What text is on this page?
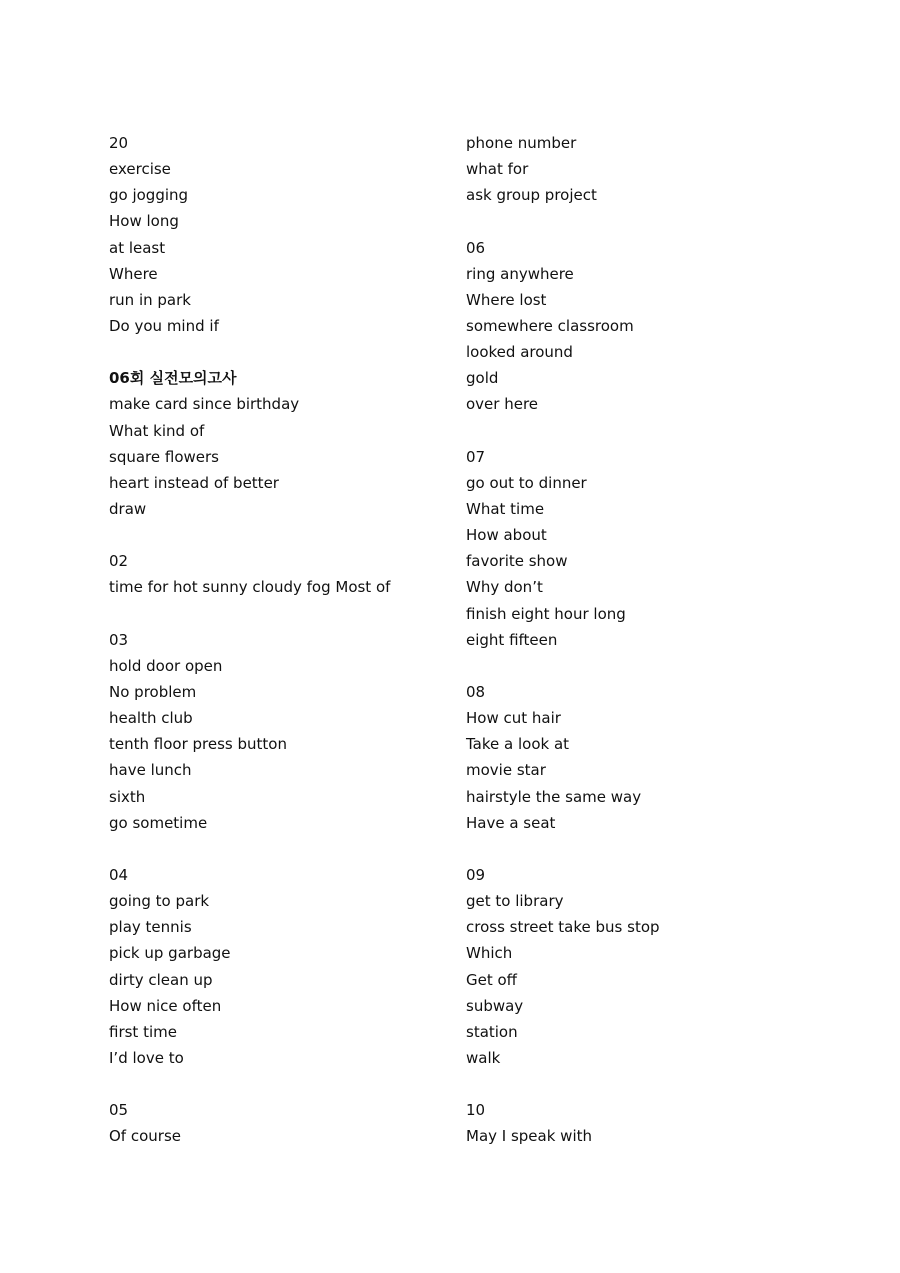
20
exercise
go jogging
How long
at least
Where
run in park
Do you mind if
06회 실전모의고사
make card since birthday
What kind of
square flowers
heart instead of better
draw
02
time for hot sunny cloudy fog Most of
03
hold door open
No problem
health club
tenth floor press button
have lunch
sixth
go sometime
04
going to park
play tennis
pick up garbage
dirty clean up
How nice often
first time
I’d love to
05
Of course
phone number
what for
ask group project
06
ring anywhere
Where lost
somewhere classroom
looked around
gold
over here
07
go out to dinner
What time
How about
favorite show
Why don’t
finish eight hour long
eight fifteen
08
How cut hair
Take a look at
movie star
hairstyle the same way
Have a seat
09
get to library
cross street take bus stop
Which
Get off
subway
station
walk
10
May I speak with
